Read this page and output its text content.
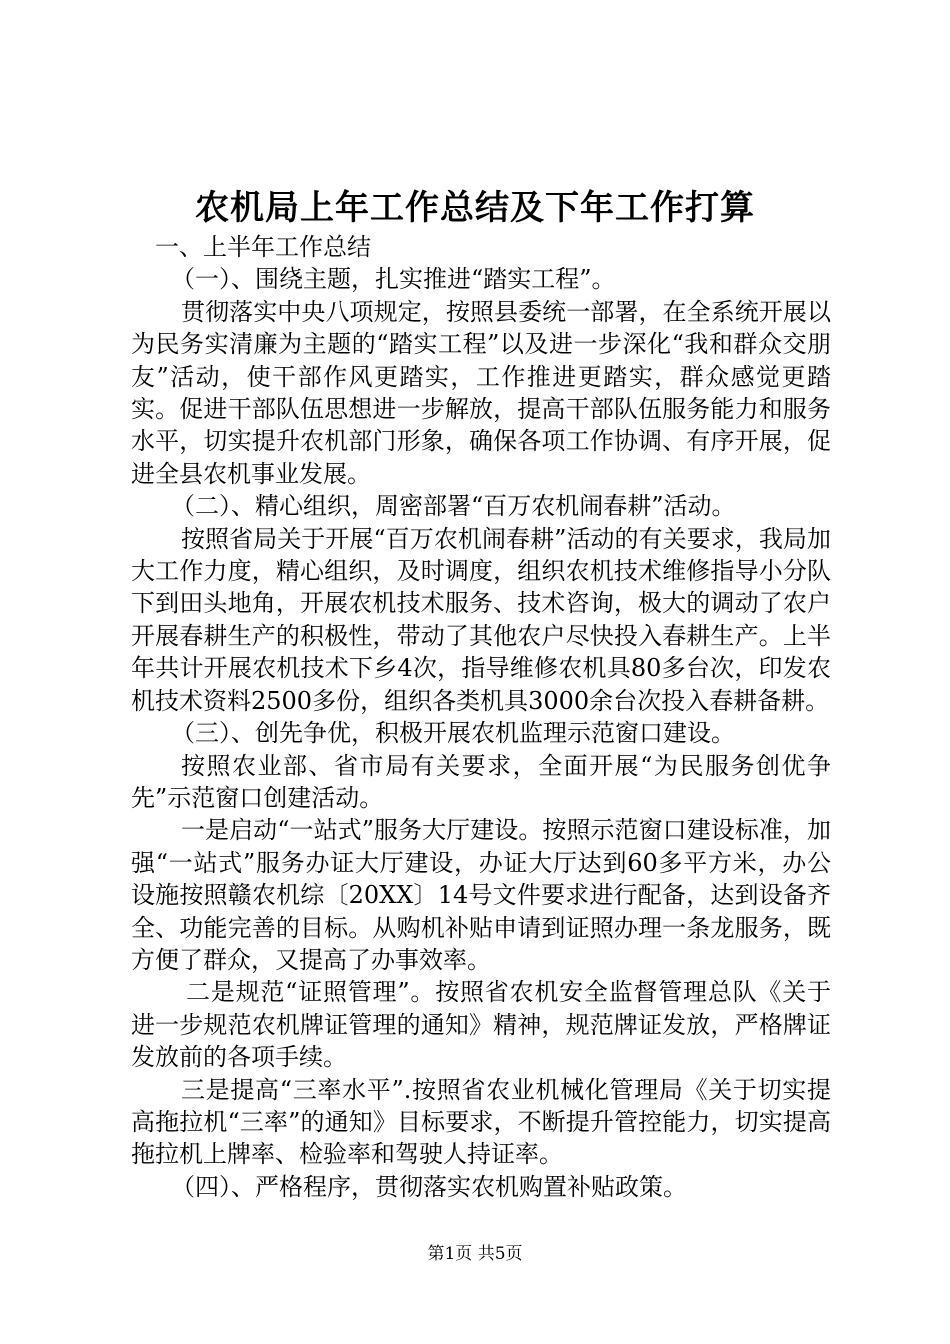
农机局上年工作总结及下年工作打算

一、上半年工作总结

（一）、围绕主题，扎实推进“踏实工程”。

贯彻落实中央八项规定，按照县委统一部署，在全系统开展以为民务实清廉为主题的“踏实工程”以及进一步深化“我和群众交朋友”活动，使干部作风更踏实，工作推进更踏实，群众感觉更踏实。促进干部队伍思想进一步解放，提高干部队伍服务能力和服务水平，切实提升农机部门形象，确保各项工作协调、有序开展，促进全县农机事业发展。

（二）、精心组织，周密部署“百万农机闹春耕”活动。

按照省局关于开展“百万农机闹春耕”活动的有关要求，我局加大工作力度，精心组织，及时调度，组织农机技术维修指导小分队下到田头地角，开展农机技术服务、技术咨询，极大的调动了农户开展春耕生产的积极性，带动了其他农户尽快投入春耕生产。上半年共计开展农机技术下乡4次，指导维修农机具80多台次，印发农机技术资料2500多份，组织各类机具3000余台次投入春耕备耕。

（三）、创先争优，积极开展农机监理示范窗口建设。

按照农业部、省市局有关要求，全面开展“为民服务创优争先”示范窗口创建活动。

一是启动“一站式”服务大厅建设。按照示范窗口建设标准，加强“一站式”服务办证大厅建设，办证大厅达到60多平方米，办公设施按照赣农机综〔20XX〕14号文件要求进行配备，达到设备齐全、功能完善的目标。从购机补贴申请到证照办理一条龙服务，既方便了群众，又提高了办事效率。

二是规范“证照管理”。按照省农机安全监督管理总队《关于进一步规范农机牌证管理的通知》精神，规范牌证发放，严格牌证发放前的各项手续。

三是提高“三率水平”.按照省农业机械化管理局《关于切实提高拖拉机“三率”的通知》目标要求，不断提升管控能力，切实提高拖拉机上牌率、检验率和驾驶人持证率。

（四）、严格程序，贯彻落实农机购置补贴政策。

第1页 共5页
